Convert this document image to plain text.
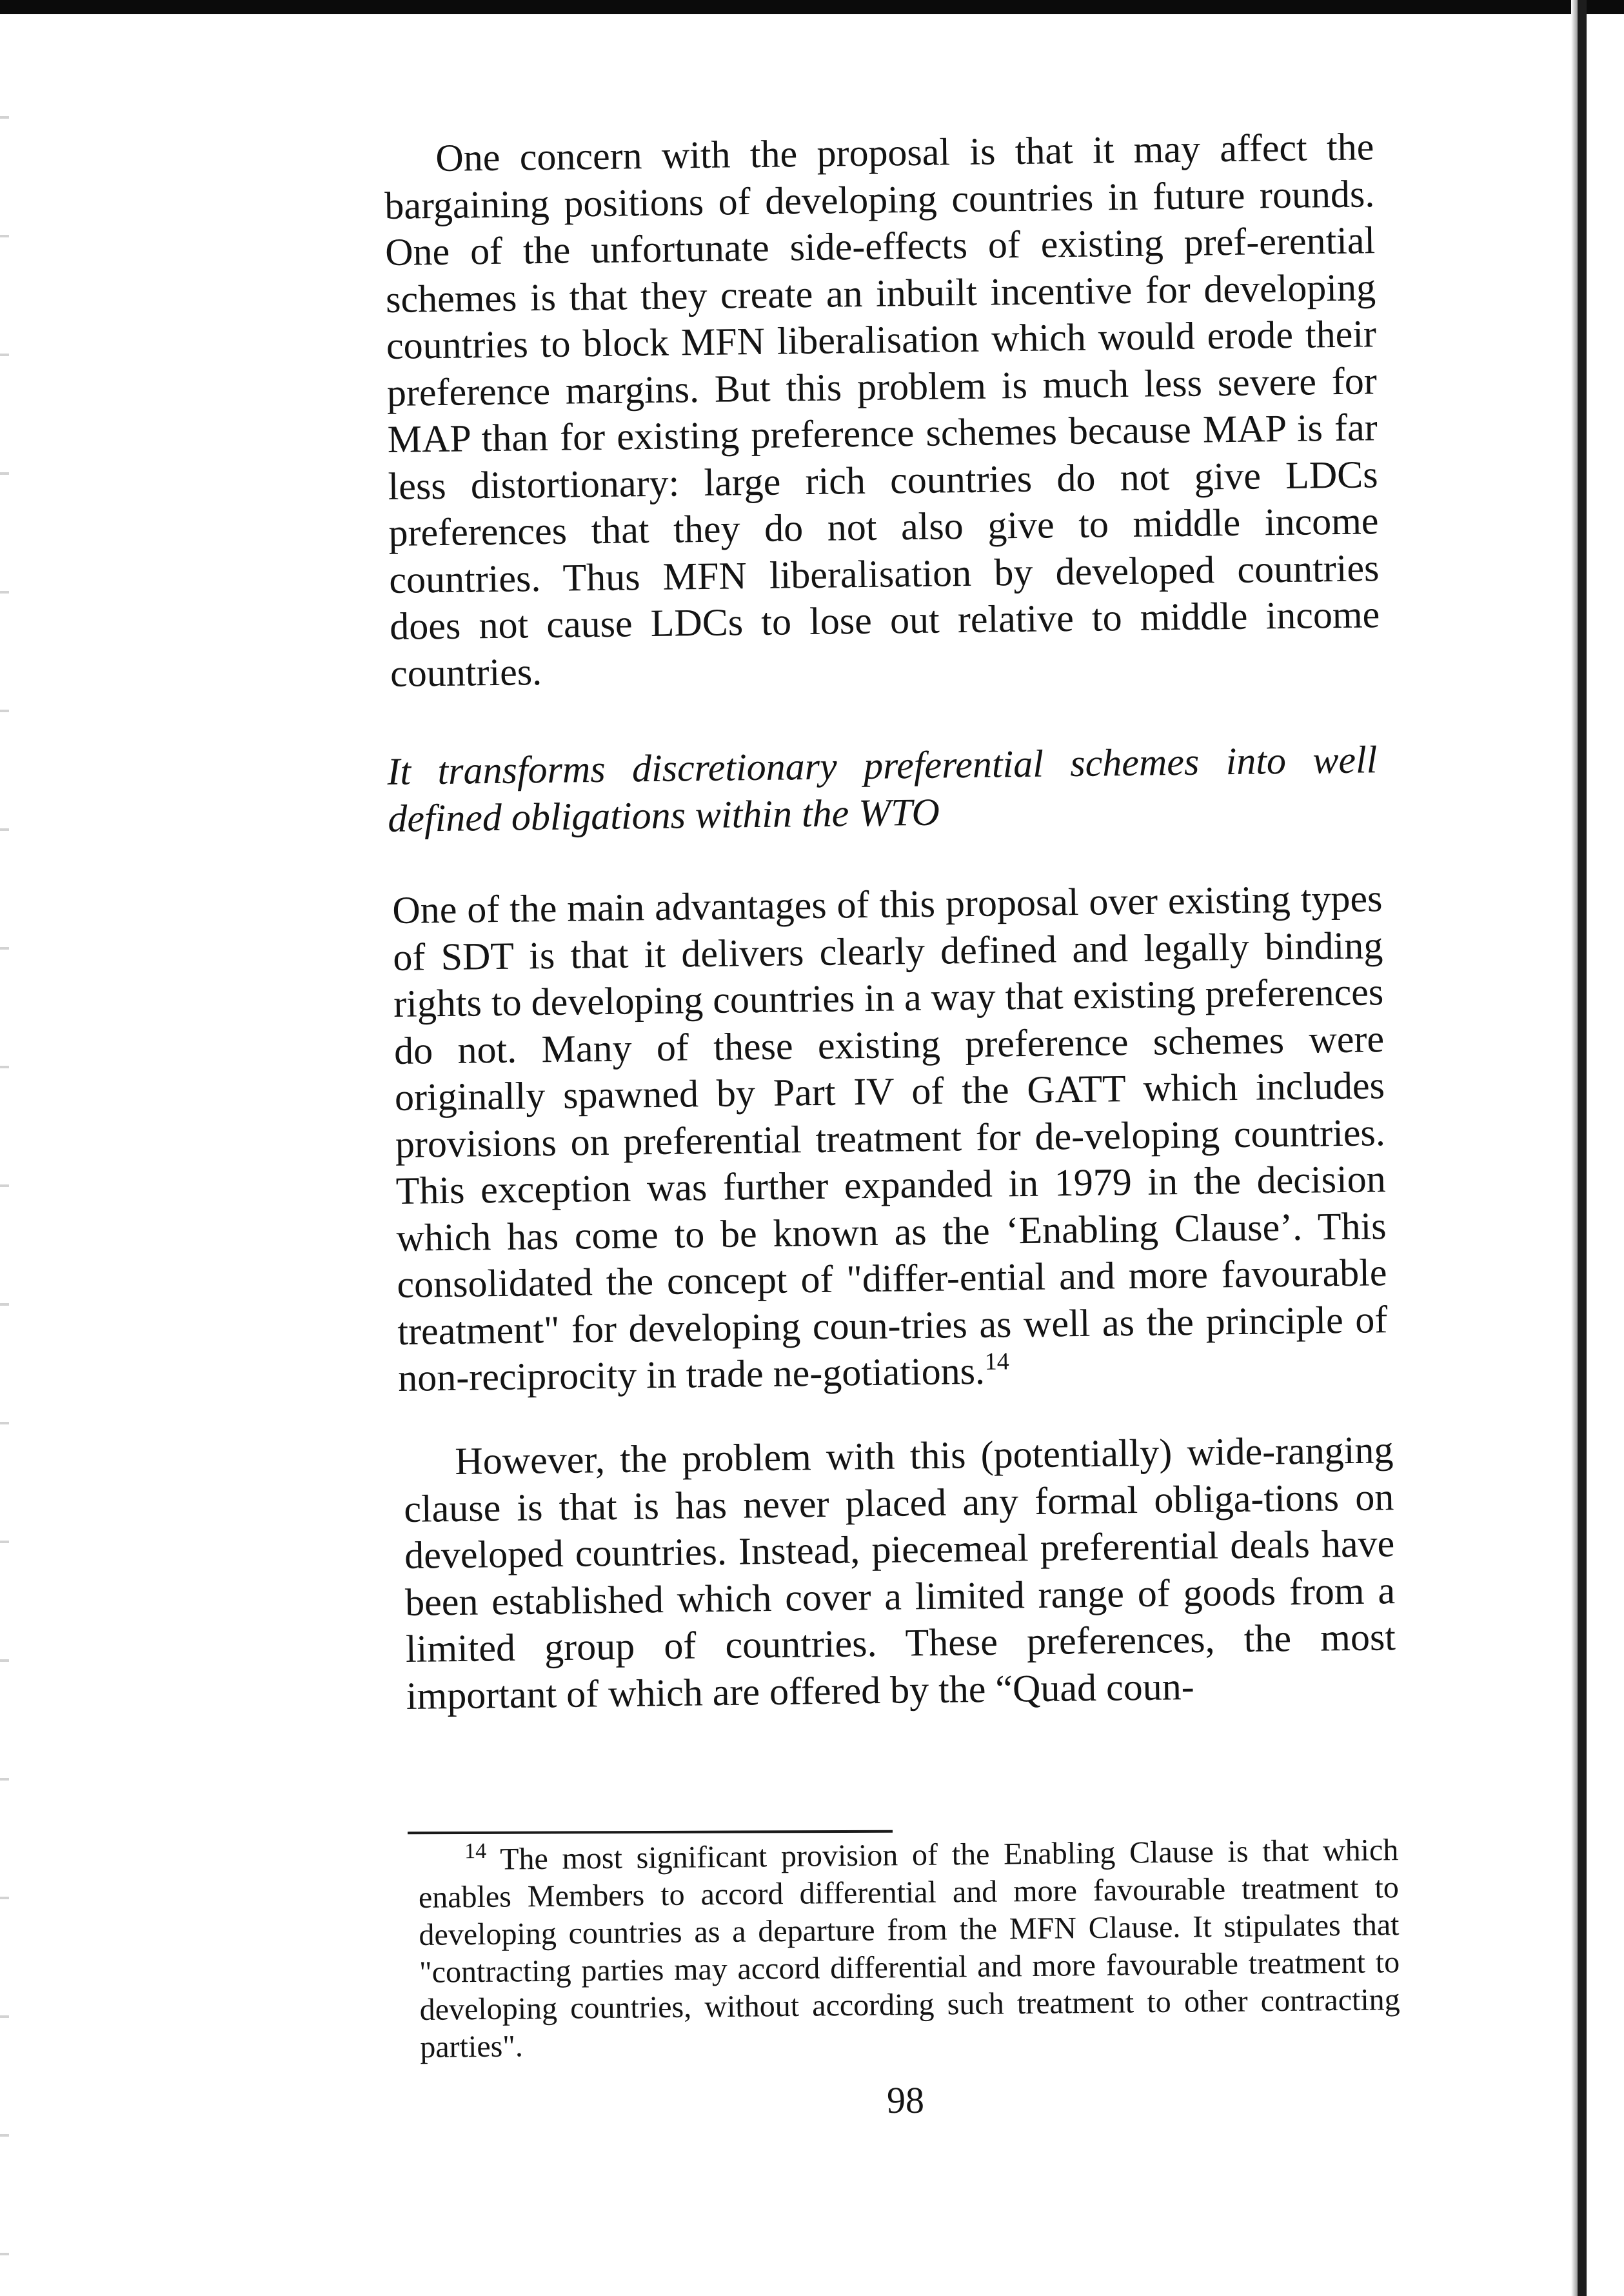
One concern with the proposal is that it may affect the bargaining positions of developing countries in future rounds. One of the unfortunate side-effects of existing pref-erential schemes is that they create an inbuilt incentive for developing countries to block MFN liberalisation which would erode their preference margins. But this problem is much less severe for MAP than for existing preference schemes because MAP is far less distortionary: large rich countries do not give LDCs preferences that they do not also give to middle income countries. Thus MFN liberalisation by developed countries does not cause LDCs to lose out relative to middle income countries.

It transforms discretionary preferential schemes into well defined obligations within the WTO

One of the main advantages of this proposal over existing types of SDT is that it delivers clearly defined and legally binding rights to developing countries in a way that existing preferences do not. Many of these existing preference schemes were originally spawned by Part IV of the GATT which includes provisions on preferential treatment for de-veloping countries. This exception was further expanded in 1979 in the decision which has come to be known as the ‘Enabling Clause’. This consolidated the concept of "differ-ential and more favourable treatment" for developing coun-tries as well as the principle of non-reciprocity in trade ne-gotiations.$^{14}$

However, the problem with this (potentially) wide-ranging clause is that is has never placed any formal obliga-tions on developed countries. Instead, piecemeal preferential deals have been established which cover a limited range of goods from a limited group of countries. These preferences, the most important of which are offered by the “Quad coun-

$^{14}$ The most significant provision of the Enabling Clause is that which enables Members to accord differential and more favourable treatment to developing countries as a departure from the MFN Clause. It stipulates that "contracting parties may accord differential and more favourable treatment to developing countries, without according such treatment to other contracting parties".

98
